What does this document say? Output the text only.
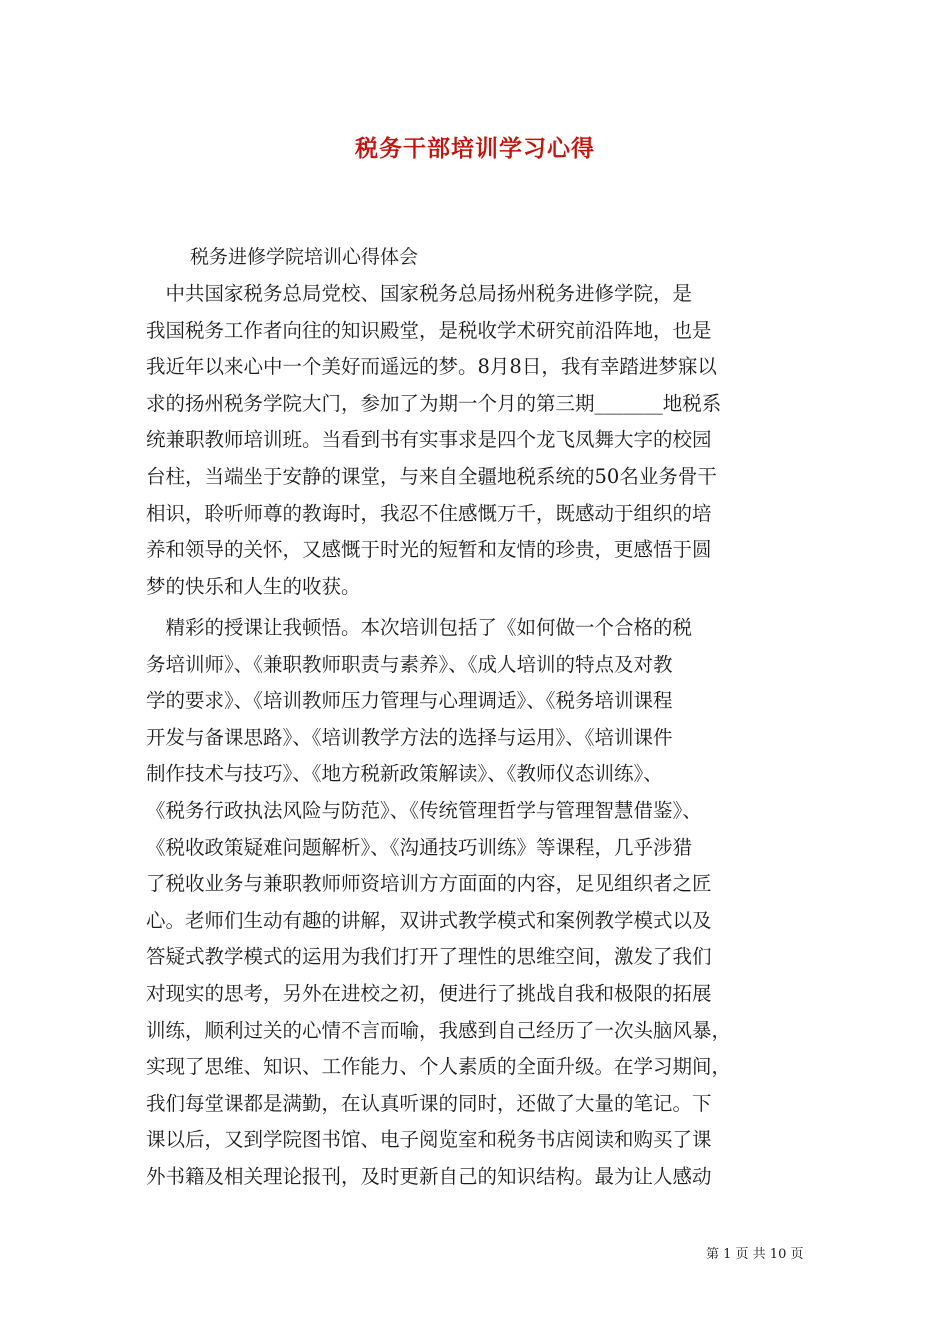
税务干部培训学习心得
税务进修学院培训心得体会
　中共国家税务总局党校、国家税务总局扬州税务进修学院，是
我国税务工作者向往的知识殿堂，是税收学术研究前沿阵地，也是
我近年以来心中一个美好而遥远的梦。8月8日，我有幸踏进梦寐以
求的扬州税务学院大门，参加了为期一个月的第三期_______地税系
统兼职教师培训班。当看到书有实事求是四个龙飞凤舞大字的校园
台柱，当端坐于安静的课堂，与来自全疆地税系统的50名业务骨干
相识，聆听师尊的教诲时，我忍不住感慨万千，既感动于组织的培
养和领导的关怀，又感慨于时光的短暂和友情的珍贵，更感悟于圆
梦的快乐和人生的收获。
　精彩的授课让我顿悟。本次培训包括了《如何做一个合格的税
务培训师》、《兼职教师职责与素养》、《成人培训的特点及对教
学的要求》、《培训教师压力管理与心理调适》、《税务培训课程
开发与备课思路》、《培训教学方法的选择与运用》、《培训课件
制作技术与技巧》、《地方税新政策解读》、《教师仪态训练》、
《税务行政执法风险与防范》、《传统管理哲学与管理智慧借鉴》、
《税收政策疑难问题解析》、《沟通技巧训练》等课程，几乎涉猎
了税收业务与兼职教师师资培训方方面面的内容，足见组织者之匠
心。老师们生动有趣的讲解，双讲式教学模式和案例教学模式以及
答疑式教学模式的运用为我们打开了理性的思维空间，激发了我们
对现实的思考，另外在进校之初，便进行了挑战自我和极限的拓展
训练，顺利过关的心情不言而喻，我感到自己经历了一次头脑风暴，
实现了思维、知识、工作能力、个人素质的全面升级。在学习期间，
我们每堂课都是满勤，在认真听课的同时，还做了大量的笔记。下
课以后，又到学院图书馆、电子阅览室和税务书店阅读和购买了课
外书籍及相关理论报刊，及时更新自己的知识结构。最为让人感动
第 1 页 共 10 页
